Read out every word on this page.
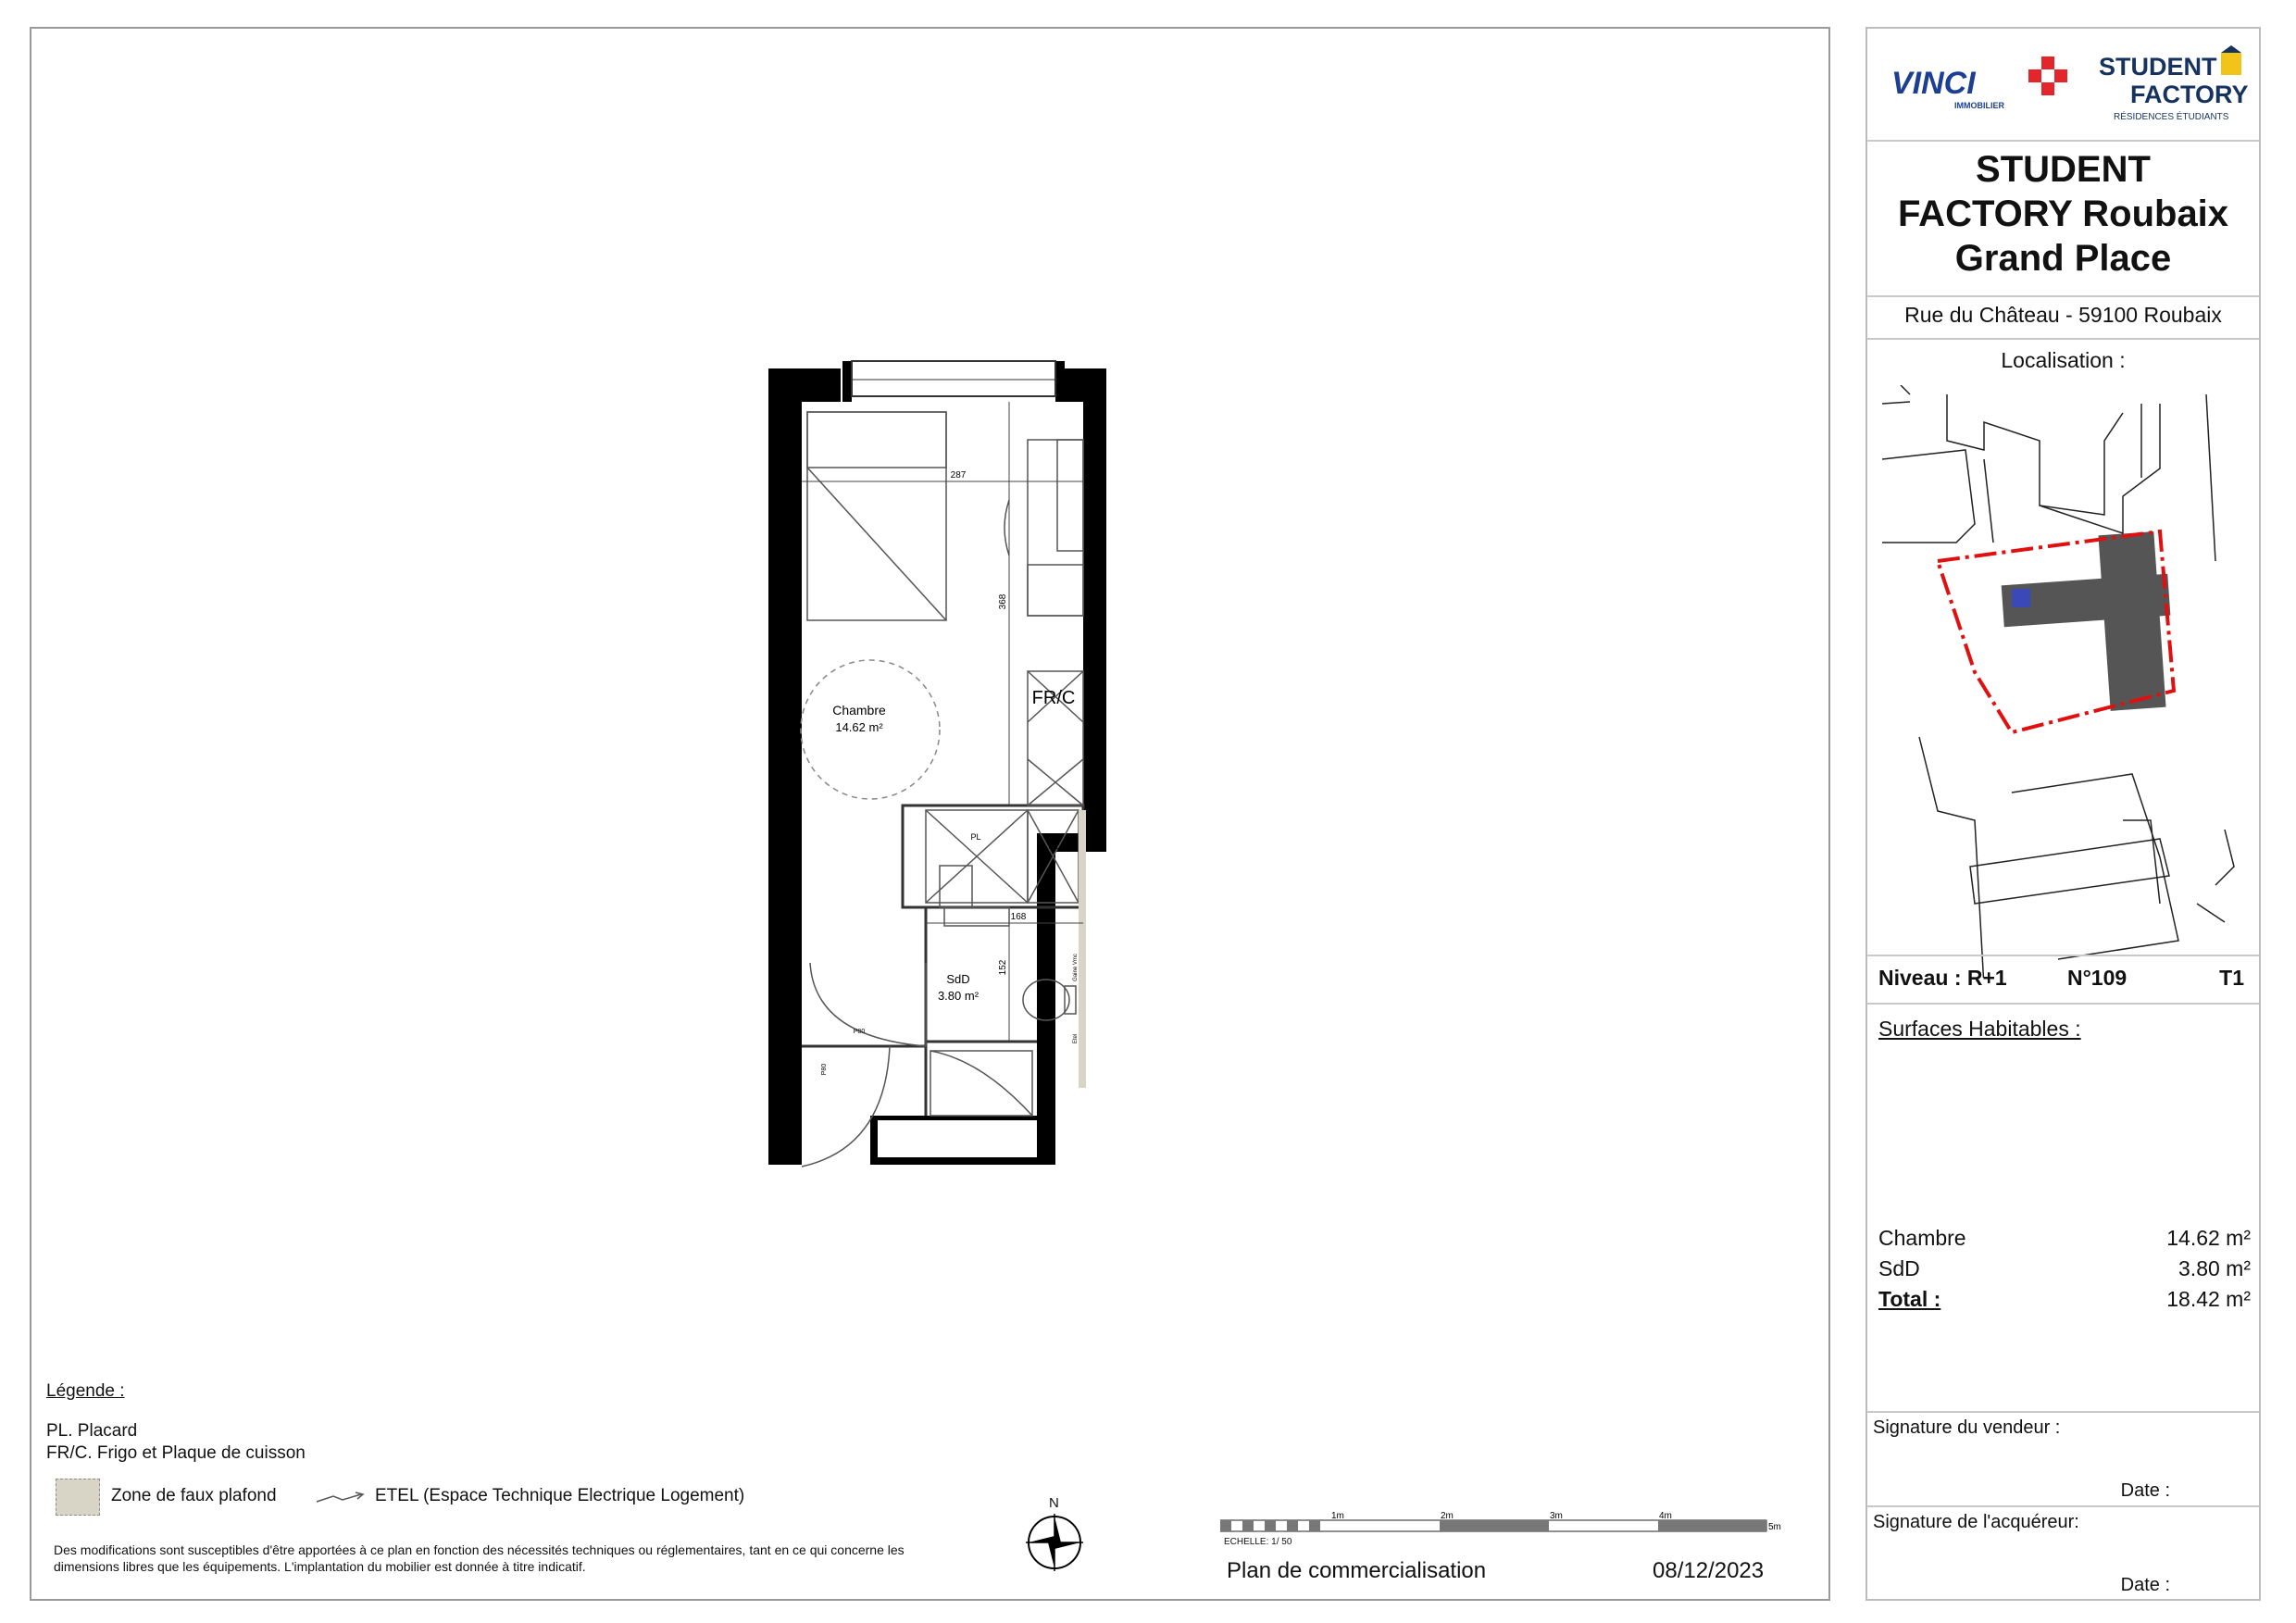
Chambre
14.62 m²
FR/C
PL
PL
SdD
3.80 m²
287
368
168
152
P80
P80
Gaine Vmc
Etel
Légende :
PL. Placard
FR/C. Frigo et Plaque de cuisson
Zone de faux plafond	ETEL (Espace Technique Electrique Logement)
Des modifications sont susceptibles d'être apportées à ce plan en fonction des nécessités techniques ou réglementaires, tant en ce qui concerne les dimensions libres que les équipements. L'implantation du mobilier est donnée à titre indicatif.
N
1m	2m	3m	4m
5m
ECHELLE: 1/ 50
Plan de commercialisation	08/12/2023
VINCI
IMMOBILIER
STUDENT
FACTORY
RÉSIDENCES ÉTUDIANTS
STUDENT
FACTORY Roubaix
Grand Place
Rue du Château - 59100 Roubaix
Localisation :
Niveau : R+1	N°109	T1
Surfaces Habitables :
Chambre	14.62 m²
SdD	3.80 m²
Total :	18.42 m²
Signature du vendeur :
Date :
Signature de l'acquéreur:
Date :
